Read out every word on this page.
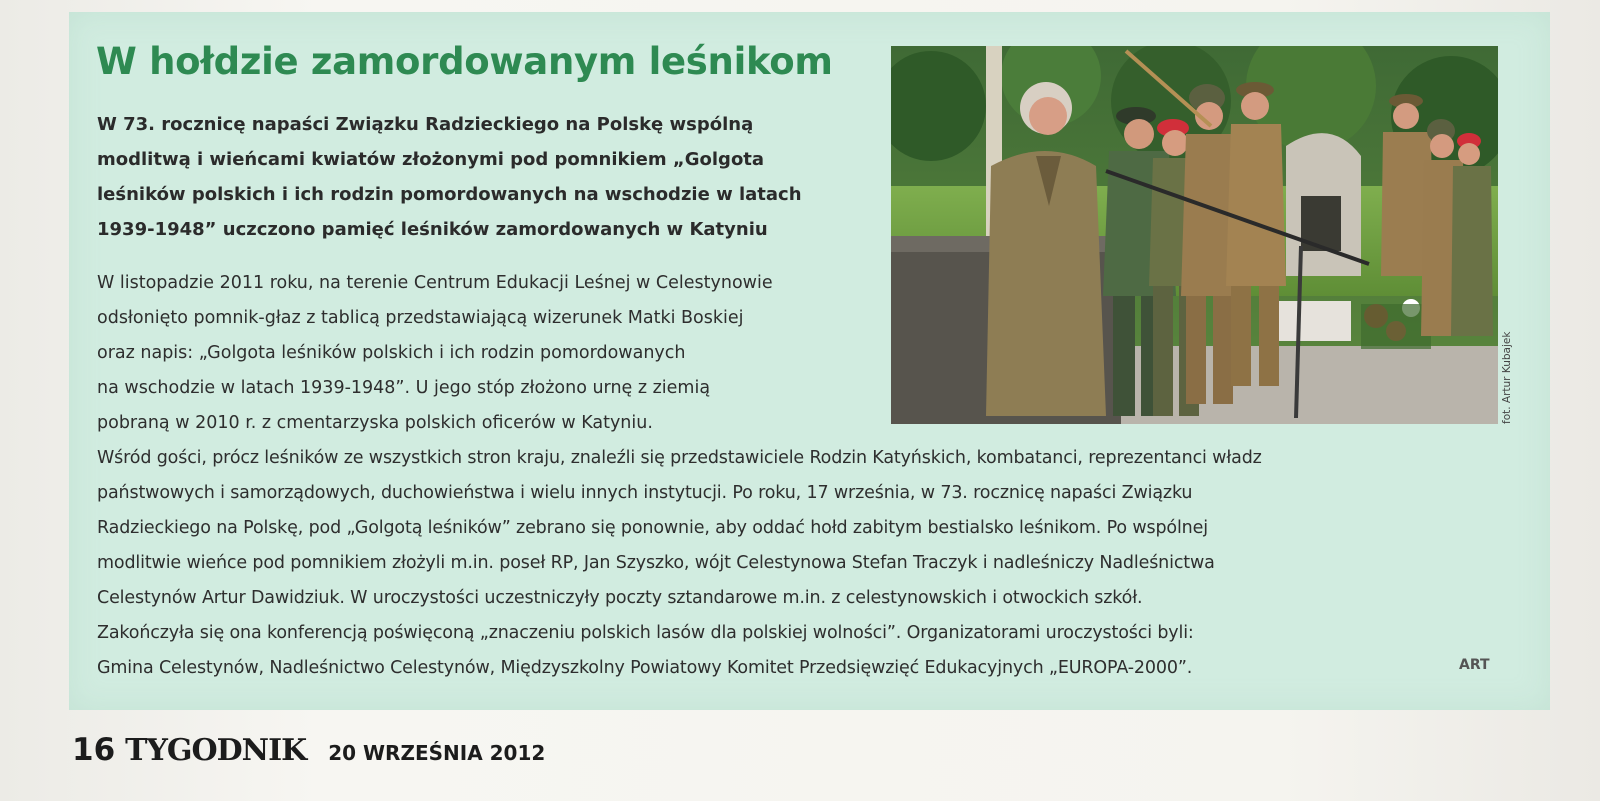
W hołdzie zamordowanym leśnikom

W 73. rocznicę napaści Związku Radzieckiego na Polskę wspólną
modlitwą i wieńcami kwiatów złożonymi pod pomnikiem „Golgota
leśników polskich i ich rodzin pomordowanych na wschodzie w latach
1939-1948” uczczono pamięć leśników zamordowanych w Katyniu

fot. Artur Kubajek

W listopadzie 2011 roku, na terenie Centrum Edukacji Leśnej w Celestynowie
odsłonięto pomnik-głaz z tablicą przedstawiającą wizerunek Matki Boskiej
oraz napis: „Golgota leśników polskich i ich rodzin pomordowanych
na wschodzie w latach 1939-1948”. U jego stóp złożono urnę z ziemią
pobraną w 2010 r. z cmentarzyska polskich oficerów w Katyniu.
Wśród gości, prócz leśników ze wszystkich stron kraju, znaleźli się przedstawiciele Rodzin Katyńskich, kombatanci, reprezentanci władz
państwowych i samorządowych, duchowieństwa i wielu innych instytucji. Po roku, 17 września, w 73. rocznicę napaści Związku
Radzieckiego na Polskę, pod „Golgotą leśników” zebrano się ponownie, aby oddać hołd zabitym bestialsko leśnikom. Po wspólnej
modlitwie wieńce pod pomnikiem złożyli m.in. poseł RP, Jan Szyszko, wójt Celestynowa Stefan Traczyk i nadleśniczy Nadleśnictwa
Celestynów Artur Dawidziuk. W uroczystości uczestniczyły poczty sztandarowe m.in. z celestynowskich i otwockich szkół.
Zakończyła się ona konferencją poświęconą „znaczeniu polskich lasów dla polskiej wolności”. Organizatorami uroczystości byli:
Gmina Celestynów, Nadleśnictwo Celestynów, Międzyszkolny Powiatowy Komitet Przedsięwzięć Edukacyjnych „EUROPA-2000”.	ART
16 TYGODNIK 20 WRZEŚNIA 2012
